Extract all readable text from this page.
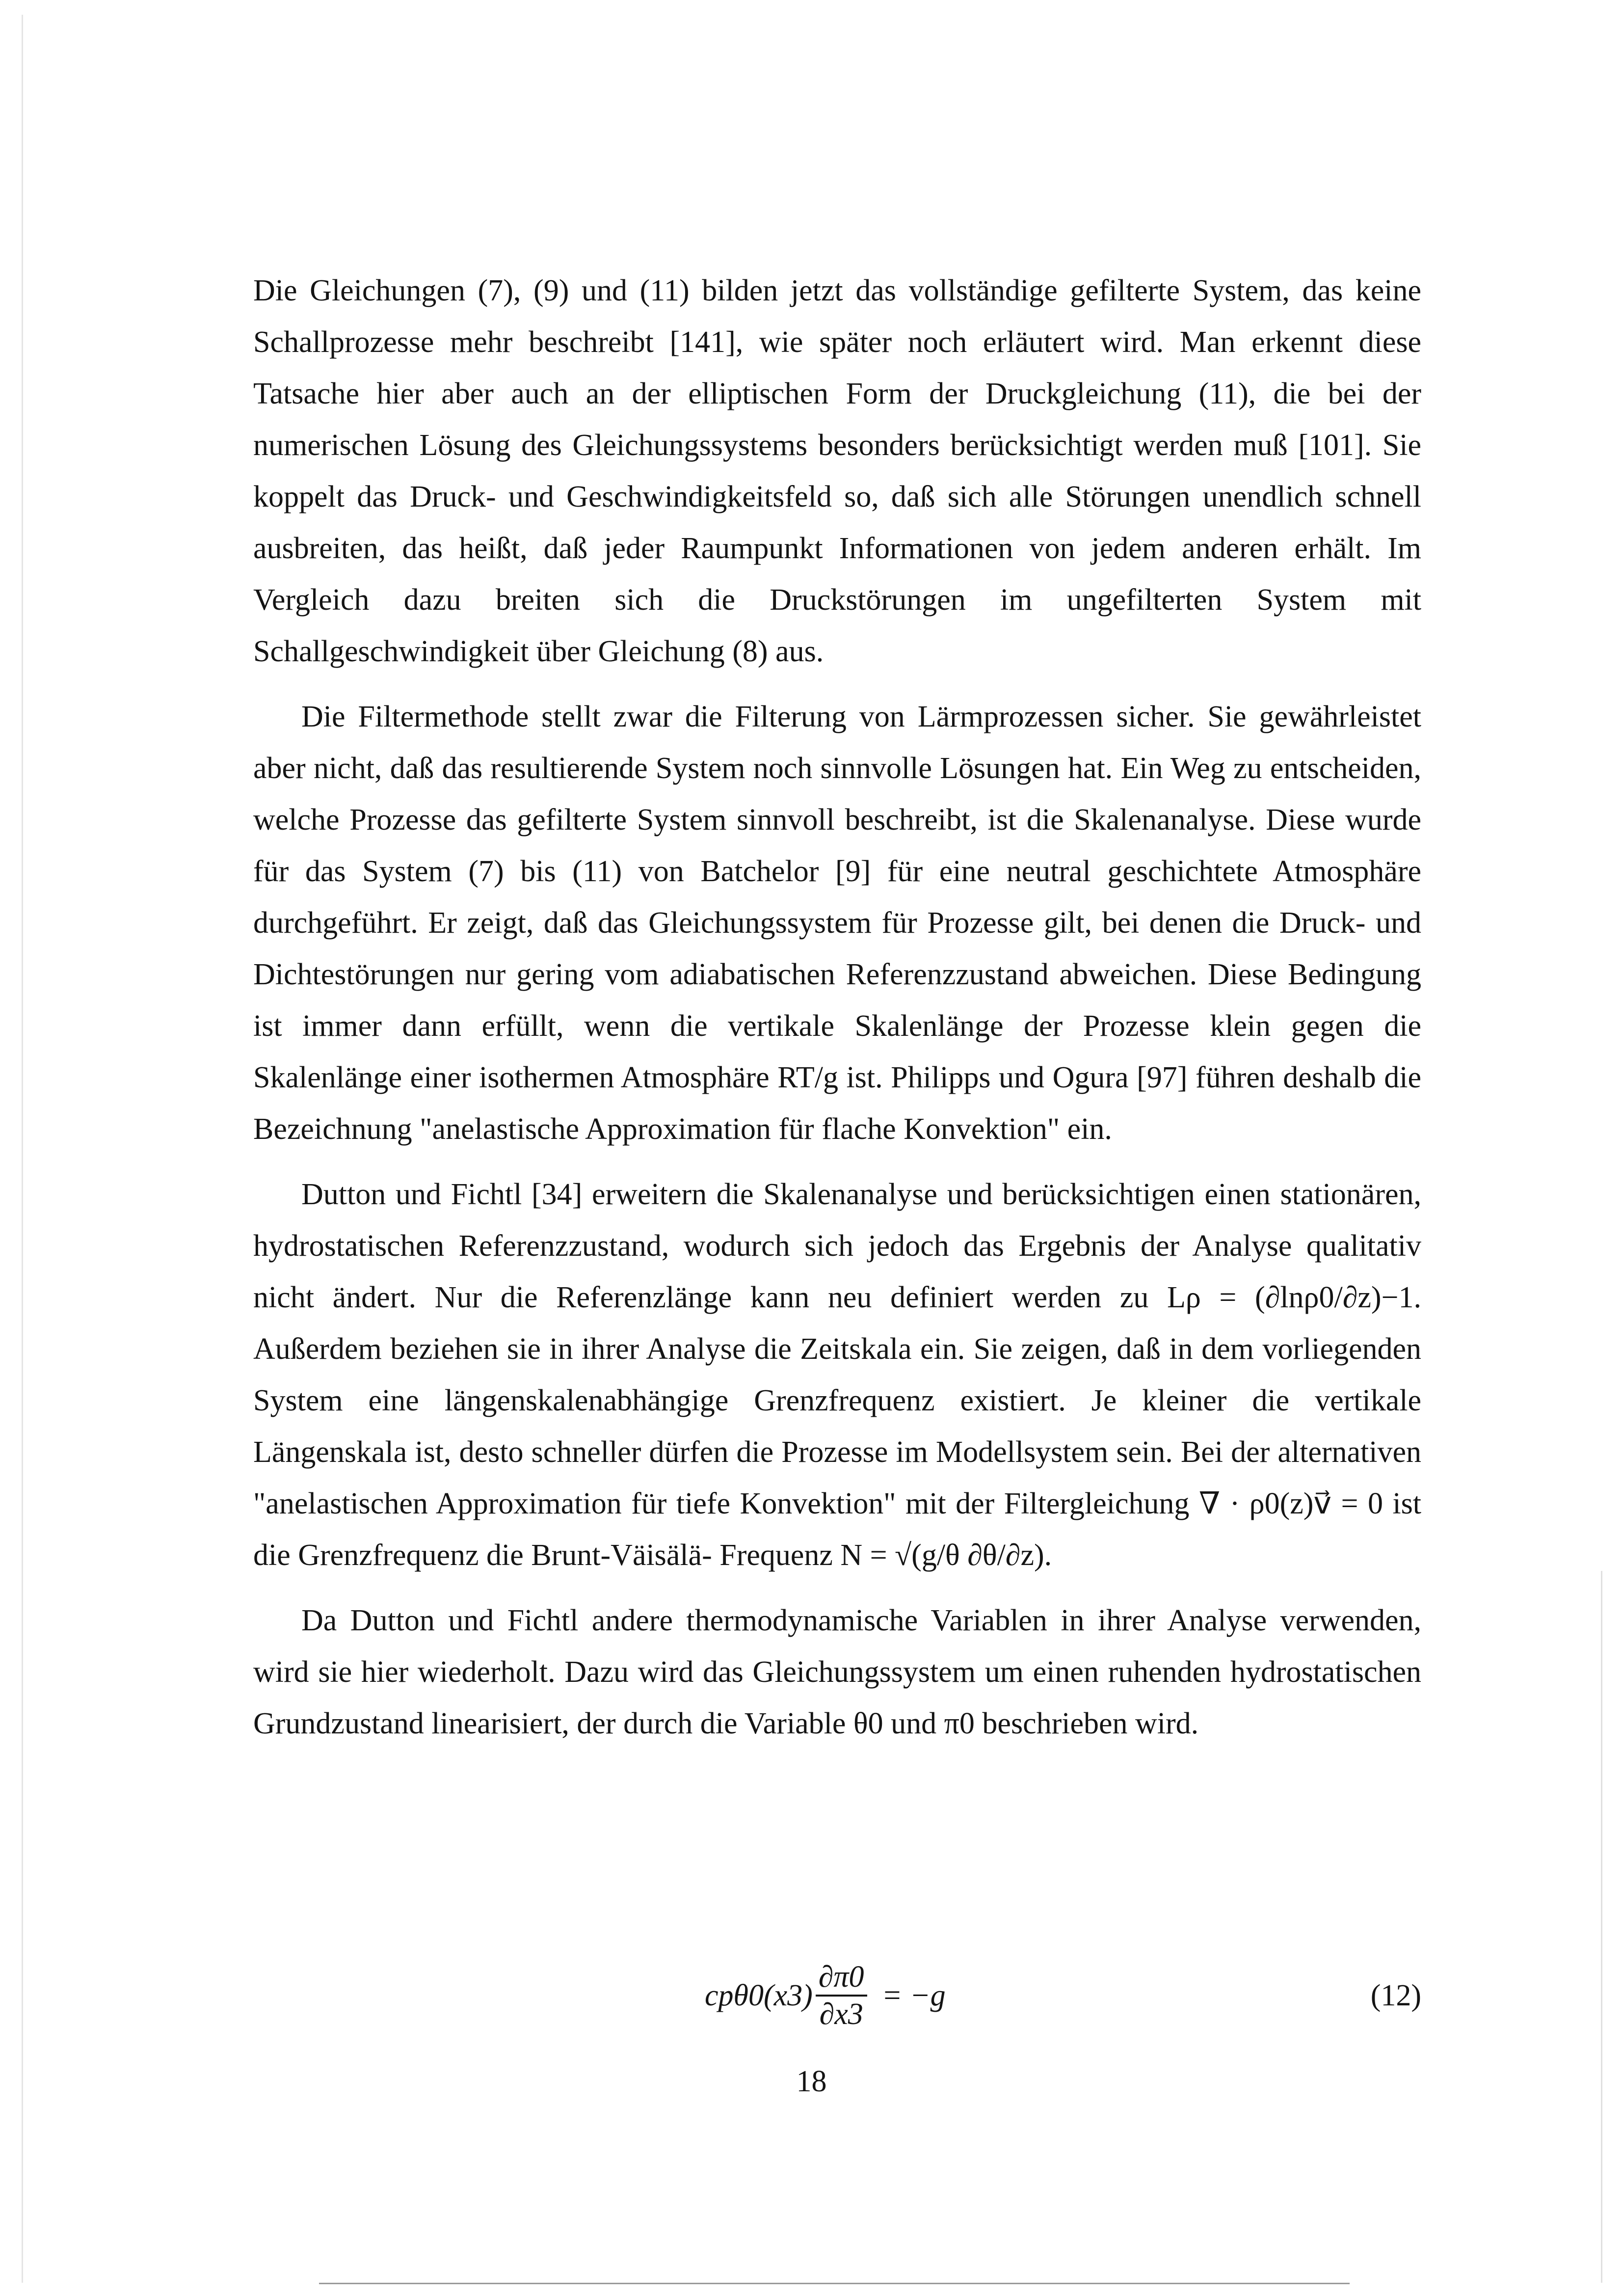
Die Gleichungen (7), (9) und (11) bilden jetzt das vollständige gefilterte System, das keine Schallprozesse mehr beschreibt [141], wie später noch erläutert wird. Man erkennt diese Tatsache hier aber auch an der elliptischen Form der Druckgleichung (11), die bei der numerischen Lösung des Gleichungssystems besonders berücksichtigt werden muß [101]. Sie koppelt das Druck- und Geschwindigkeitsfeld so, daß sich alle Störungen unendlich schnell ausbreiten, das heißt, daß jeder Raumpunkt Informationen von jedem anderen erhält. Im Vergleich dazu breiten sich die Druckstörungen im ungefilterten System mit Schallgeschwindigkeit über Gleichung (8) aus.

Die Filtermethode stellt zwar die Filterung von Lärmprozessen sicher. Sie gewährleistet aber nicht, daß das resultierende System noch sinnvolle Lösungen hat. Ein Weg zu entscheiden, welche Prozesse das gefilterte System sinnvoll beschreibt, ist die Skalenanalyse. Diese wurde für das System (7) bis (11) von Batchelor [9] für eine neutral geschichtete Atmosphäre durchgeführt. Er zeigt, daß das Gleichungssystem für Prozesse gilt, bei denen die Druck- und Dichtestörungen nur gering vom adiabatischen Referenzzustand abweichen. Diese Bedingung ist immer dann erfüllt, wenn die vertikale Skalenlänge der Prozesse klein gegen die Skalenlänge einer isothermen Atmosphäre RT/g ist. Philipps und Ogura [97] führen deshalb die Bezeichnung "anelastische Approximation für flache Konvektion" ein.

Dutton und Fichtl [34] erweitern die Skalenanalyse und berücksichtigen einen stationären, hydrostatischen Referenzzustand, wodurch sich jedoch das Ergebnis der Analyse qualitativ nicht ändert. Nur die Referenzlänge kann neu definiert werden zu Lρ = (∂lnρ0/∂z)−1. Außerdem beziehen sie in ihrer Analyse die Zeitskala ein. Sie zeigen, daß in dem vorliegenden System eine längenskalenabhängige Grenzfrequenz existiert. Je kleiner die vertikale Längenskala ist, desto schneller dürfen die Prozesse im Modellsystem sein. Bei der alternativen "anelastischen Approximation für tiefe Konvektion" mit der Filtergleichung ∇ · ρ0(z)v⃗ = 0 ist die Grenzfrequenz die Brunt-Väisälä- Frequenz N = √(g/θ ∂θ/∂z).

Da Dutton und Fichtl andere thermodynamische Variablen in ihrer Analyse verwenden, wird sie hier wiederholt. Dazu wird das Gleichungssystem um einen ruhenden hydrostatischen Grundzustand linearisiert, der durch die Variable θ0 und π0 beschrieben wird.

$cp\theta 0(x3) \frac{\partial\pi 0}{\partial x3} = -g$	(12)
18
